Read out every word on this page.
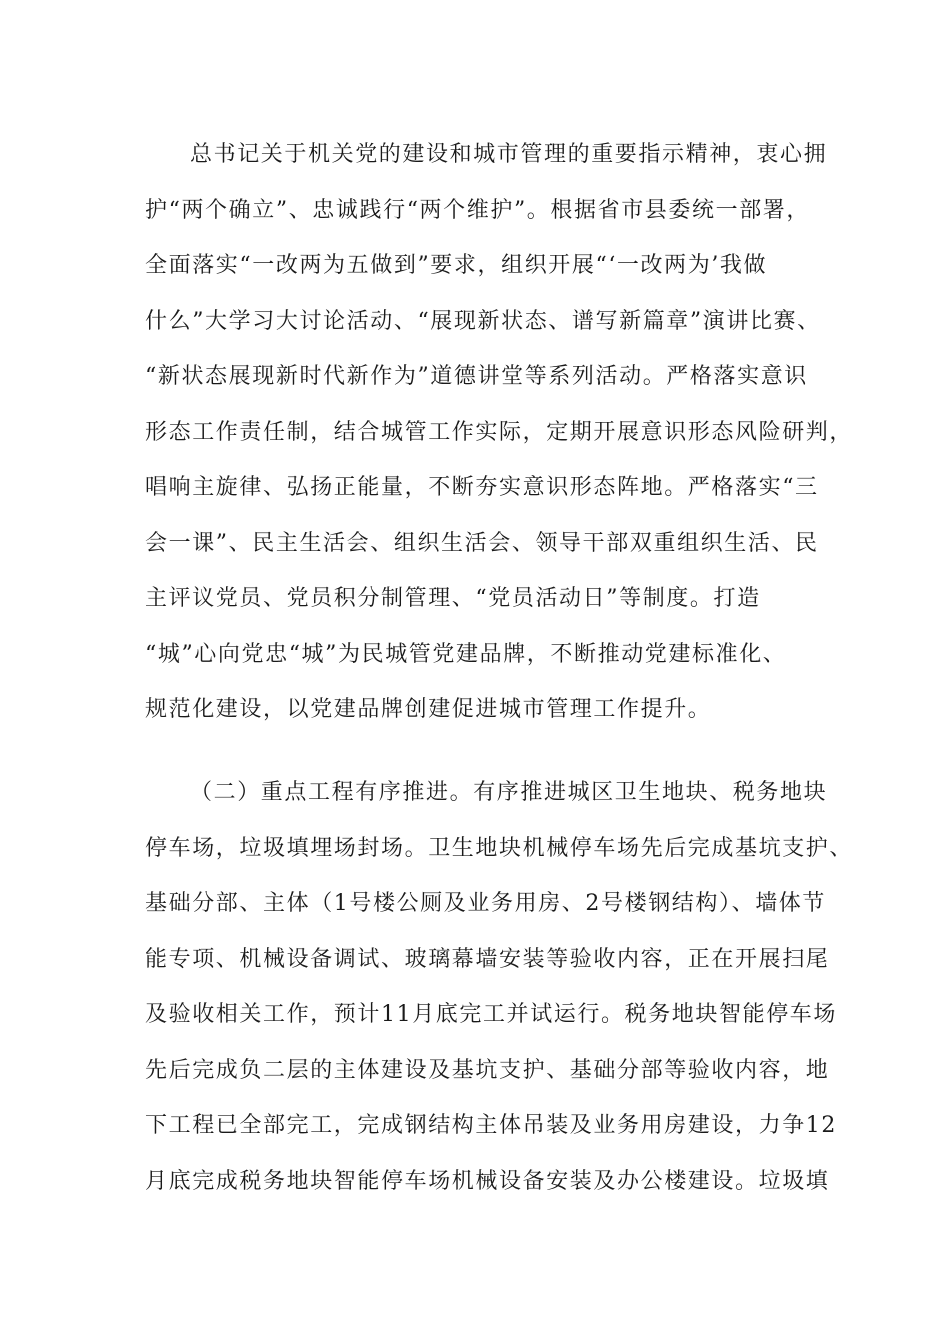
总书记关于机关党的建设和城市管理的重要指示精神，衷心拥
护“两个确立”、忠诚践行“两个维护”。根据省市县委统一部署，
全面落实“一改两为五做到”要求，组织开展“‘一改两为’我做
什么”大学习大讨论活动、“展现新状态、谱写新篇章”演讲比赛、
“新状态展现新时代新作为”道德讲堂等系列活动。严格落实意识
形态工作责任制，结合城管工作实际，定期开展意识形态风险研判，
唱响主旋律、弘扬正能量，不断夯实意识形态阵地。严格落实“三
会一课”、民主生活会、组织生活会、领导干部双重组织生活、民
主评议党员、党员积分制管理、“党员活动日”等制度。打造
“城”心向党忠“城”为民城管党建品牌，不断推动党建标准化、
规范化建设，以党建品牌创建促进城市管理工作提升。
（二）重点工程有序推进。有序推进城区卫生地块、税务地块
停车场，垃圾填埋场封场。卫生地块机械停车场先后完成基坑支护、
基础分部、主体（1号楼公厕及业务用房、2号楼钢结构）、墙体节
能专项、机械设备调试、玻璃幕墙安装等验收内容，正在开展扫尾
及验收相关工作，预计11月底完工并试运行。税务地块智能停车场
先后完成负二层的主体建设及基坑支护、基础分部等验收内容，地
下工程已全部完工，完成钢结构主体吊装及业务用房建设，力争12
月底完成税务地块智能停车场机械设备安装及办公楼建设。垃圾填
